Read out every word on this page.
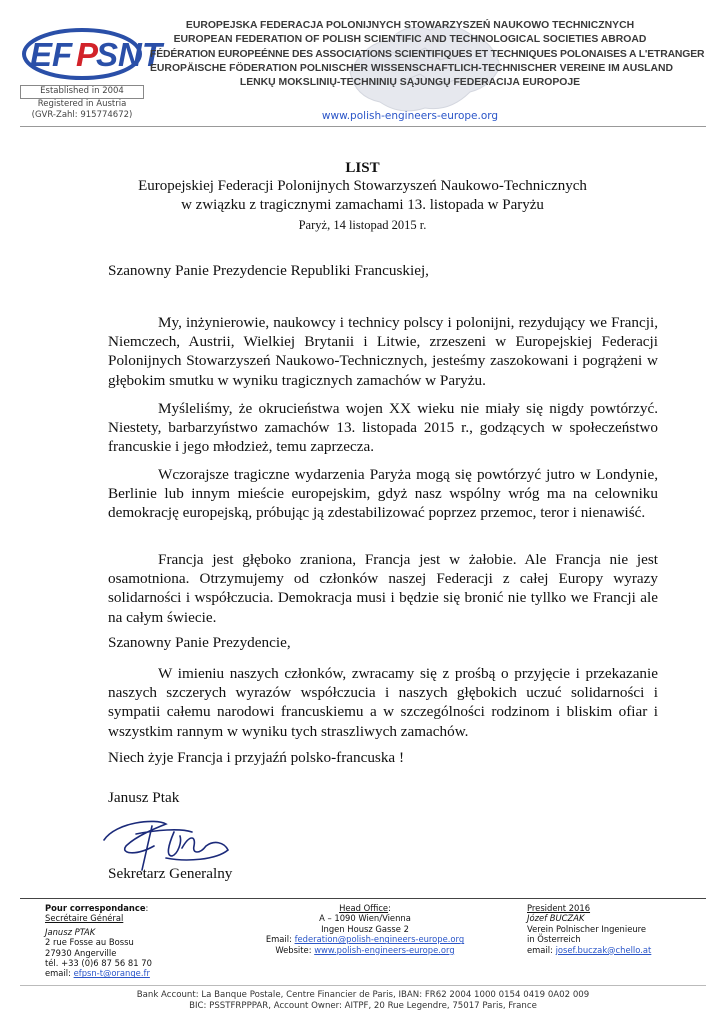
EF P
SNT
Established in 2004
Registered in Austria
(GVR-Zahl: 915774672)
EUROPEJSKA FEDERACJA POLONIJNYCH STOWARZYSZEŃ NAUKOWO TECHNICZNYCH
EUROPEAN FEDERATION OF POLISH SCIENTIFIC AND TECHNOLOGICAL SOCIETIES ABROAD
FÉDÉRATION EUROPEÉNNE DES ASSOCIATIONS SCIENTIFIQUES ET TECHNIQUES POLONAISES A L'ETRANGER
EUROPÄISCHE FÖDERATION POLNISCHER WISSENSCHAFTLICH-TECHNISCHER VEREINE IM AUSLAND
LENKŲ MOKSLINIŲ-TECHNINIŲ SĄJUNGŲ FEDERACIJA EUROPOJE
www.polish-engineers-europe.org
LIST
Europejskiej Federacji Polonijnych Stowarzyszeń Naukowo-Technicznych
w związku z tragicznymi zamachami 13. listopada w Paryżu
Paryż, 14 listopad 2015 r.
Szanowny Panie Prezydencie Republiki Francuskiej,

My, inżynierowie, naukowcy i technicy polscy i polonijni, rezydujący we Francji, Niemczech, Austrii, Wielkiej Brytanii i Litwie, zrzeszeni w Europejskiej Federacji Polonijnych Stowarzyszeń Naukowo-Technicznych, jesteśmy zaszokowani i pogrążeni w głębokim smutku w wyniku tragicznych zamachów w Paryżu.

Myśleliśmy, że okrucieństwa wojen XX wieku nie miały się nigdy powtórzyć. Niestety, barbarzyństwo zamachów 13. listopada 2015 r., godzących w społeczeństwo francuskie i jego młodzież, temu zaprzecza.

Wczorajsze tragiczne wydarzenia Paryża mogą się powtórzyć jutro w Londynie, Berlinie lub innym mieście europejskim, gdyż nasz wspólny wróg ma na celowniku demokrację europejską, próbując ją zdestabilizować poprzez przemoc, teror i nienawiść.

Francja jest głęboko zraniona, Francja jest w żałobie. Ale Francja nie jest osamotniona. Otrzymujemy od członków naszej Federacji z całej Europy wyrazy solidarności i współczucia. Demokracja musi i będzie się bronić nie tyllko we Francji ale na całym świecie.

Szanowny Panie Prezydencie,

W imieniu naszych członków, zwracamy się z prośbą o przyjęcie i przekazanie naszych szczerych wyrazów współczucia i naszych głębokich uczuć solidarności i sympatii całemu narodowi francuskiemu a w szczególności rodzinom i bliskim ofiar i wszystkim rannym w wyniku tych straszliwych zamachów.

Niech żyje Francja i przyjaźń polsko-francuska !
Janusz Ptak
Sekretarz Generalny
Pour correspondance:
Secrétaire Général
Janusz PTAK
2 rue Fosse au Bossu
27930 Angerville
tél. +33 (0)6 87 56 81 70
email: efpsn-t@orange.fr
Head Office:
A – 1090 Wien/Vienna
Ingen Housz Gasse 2
Email: federation@polish-engineers-europe.org
Website: www.polish-engineers-europe.org
President 2016
Józef BUCZAK
Verein Polnischer Ingenieure
in Österreich
email: josef.buczak@chello.at
Bank Account: La Banque Postale, Centre Financier de Paris, IBAN: FR62 2004 1000 0154 0419 0A02 009
BIC: PSSTFRPPPAR, Account Owner: AITPF, 20 Rue Legendre, 75017 Paris, France
